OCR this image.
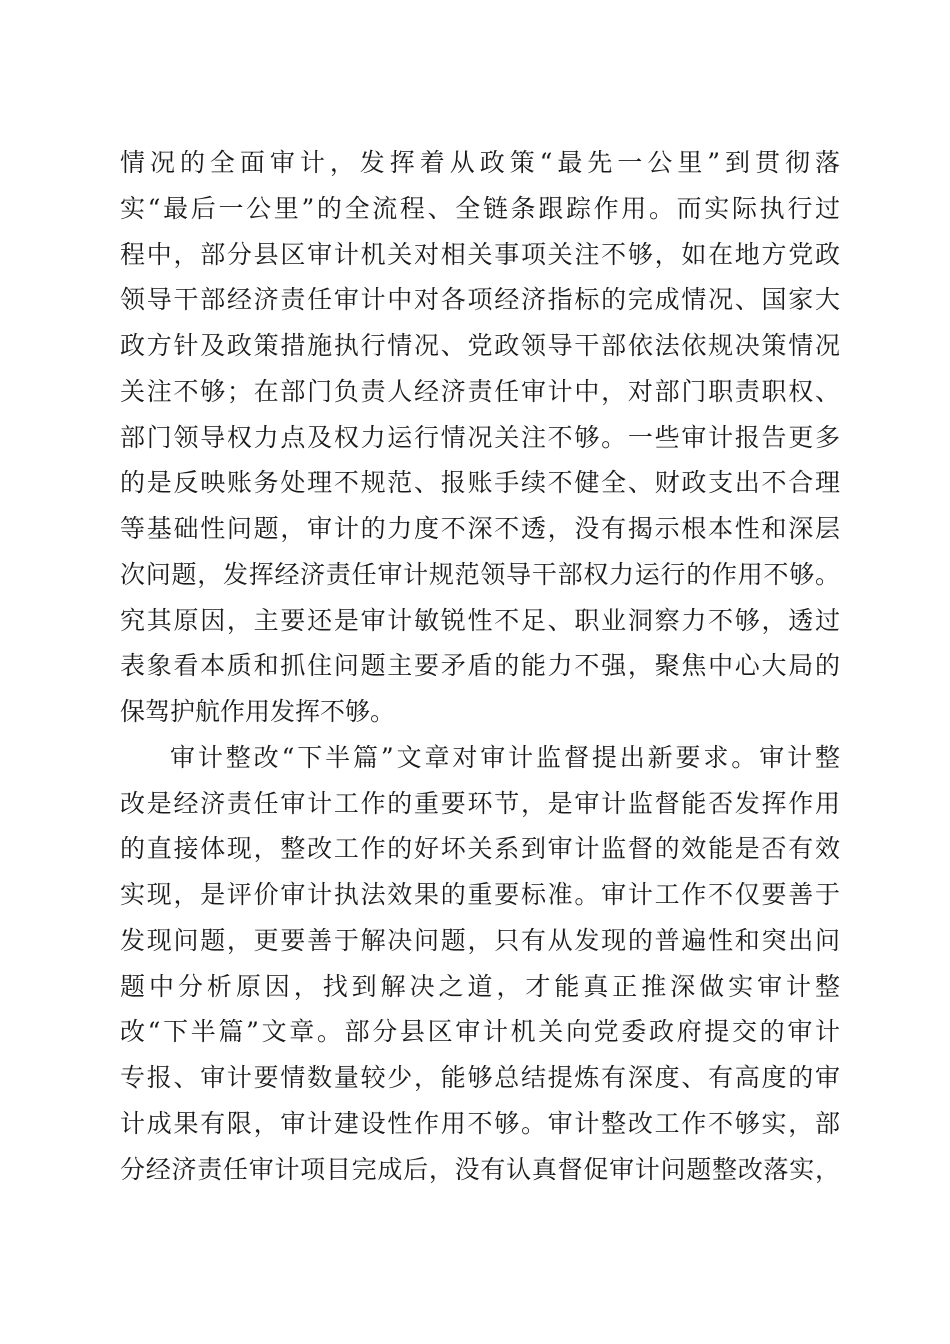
情况的全面审计，发挥着从政策“最先一公里”到贯彻落
实“最后一公里”的全流程、全链条跟踪作用。而实际执行过
程中，部分县区审计机关对相关事项关注不够，如在地方党政
领导干部经济责任审计中对各项经济指标的完成情况、国家大
政方针及政策措施执行情况、党政领导干部依法依规决策情况
关注不够；在部门负责人经济责任审计中，对部门职责职权、
部门领导权力点及权力运行情况关注不够。一些审计报告更多
的是反映账务处理不规范、报账手续不健全、财政支出不合理
等基础性问题，审计的力度不深不透，没有揭示根本性和深层
次问题，发挥经济责任审计规范领导干部权力运行的作用不够。
究其原因，主要还是审计敏锐性不足、职业洞察力不够，透过
表象看本质和抓住问题主要矛盾的能力不强，聚焦中心大局的
保驾护航作用发挥不够。
审计整改“下半篇”文章对审计监督提出新要求。审计整
改是经济责任审计工作的重要环节，是审计监督能否发挥作用
的直接体现，整改工作的好坏关系到审计监督的效能是否有效
实现，是评价审计执法效果的重要标准。审计工作不仅要善于
发现问题，更要善于解决问题，只有从发现的普遍性和突出问
题中分析原因，找到解决之道，才能真正推深做实审计整
改“下半篇”文章。部分县区审计机关向党委政府提交的审计
专报、审计要情数量较少，能够总结提炼有深度、有高度的审
计成果有限，审计建设性作用不够。审计整改工作不够实，部
分经济责任审计项目完成后，没有认真督促审计问题整改落实，
